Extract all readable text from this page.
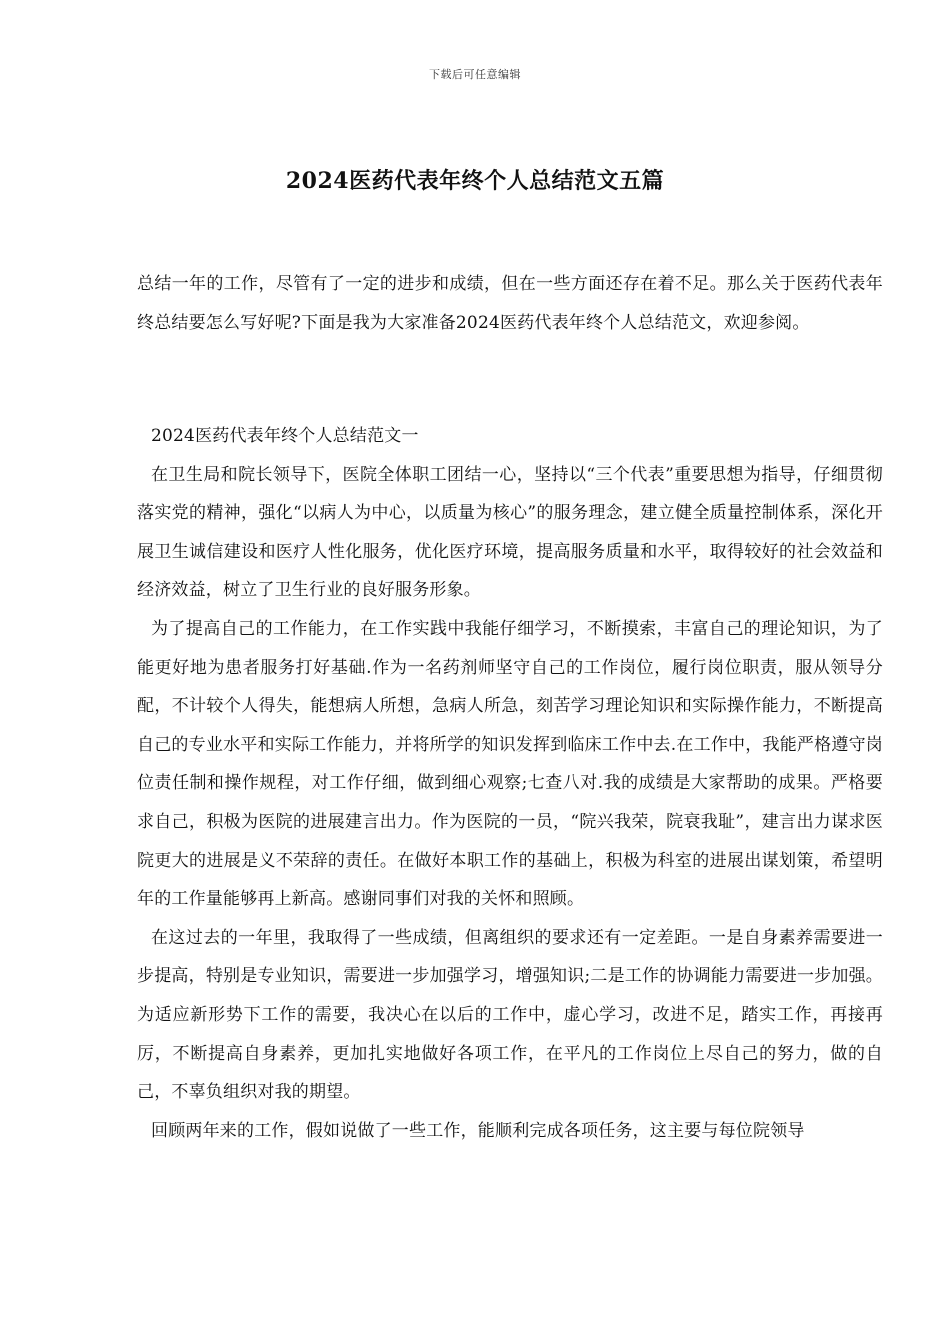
下载后可任意编辑
2024医药代表年终个人总结范文五篇

总结一年的工作，尽管有了一定的进步和成绩，但在一些方面还存在着不足。那么关于医药代表年终总结要怎么写好呢?下面是我为大家准备2024医药代表年终个人总结范文，欢迎参阅。

2024医药代表年终个人总结范文一

在卫生局和院长领导下，医院全体职工团结一心，坚持以“三个代表”重要思想为指导，仔细贯彻落实党的精神，强化“以病人为中心，以质量为核心”的服务理念，建立健全质量控制体系，深化开展卫生诚信建设和医疗人性化服务，优化医疗环境，提高服务质量和水平，取得较好的社会效益和经济效益，树立了卫生行业的良好服务形象。

为了提高自己的工作能力，在工作实践中我能仔细学习，不断摸索，丰富自己的理论知识，为了能更好地为患者服务打好基础.作为一名药剂师坚守自己的工作岗位，履行岗位职责，服从领导分配，不计较个人得失，能想病人所想，急病人所急，刻苦学习理论知识和实际操作能力，不断提高自己的专业水平和实际工作能力，并将所学的知识发挥到临床工作中去.在工作中，我能严格遵守岗位责任制和操作规程，对工作仔细，做到细心观察;七查八对.我的成绩是大家帮助的成果。严格要求自己，积极为医院的进展建言出力。作为医院的一员，“院兴我荣，院衰我耻”，建言出力谋求医院更大的进展是义不荣辞的责任。在做好本职工作的基础上，积极为科室的进展出谋划策，希望明年的工作量能够再上新高。感谢同事们对我的关怀和照顾。

在这过去的一年里，我取得了一些成绩，但离组织的要求还有一定差距。一是自身素养需要进一步提高，特别是专业知识，需要进一步加强学习，增强知识;二是工作的协调能力需要进一步加强。为适应新形势下工作的需要，我决心在以后的工作中，虚心学习，改进不足，踏实工作，再接再厉，不断提高自身素养，更加扎实地做好各项工作，在平凡的工作岗位上尽自己的努力，做的自己，不辜负组织对我的期望。

回顾两年来的工作，假如说做了一些工作，能顺利完成各项任务，这主要与每位院领导
